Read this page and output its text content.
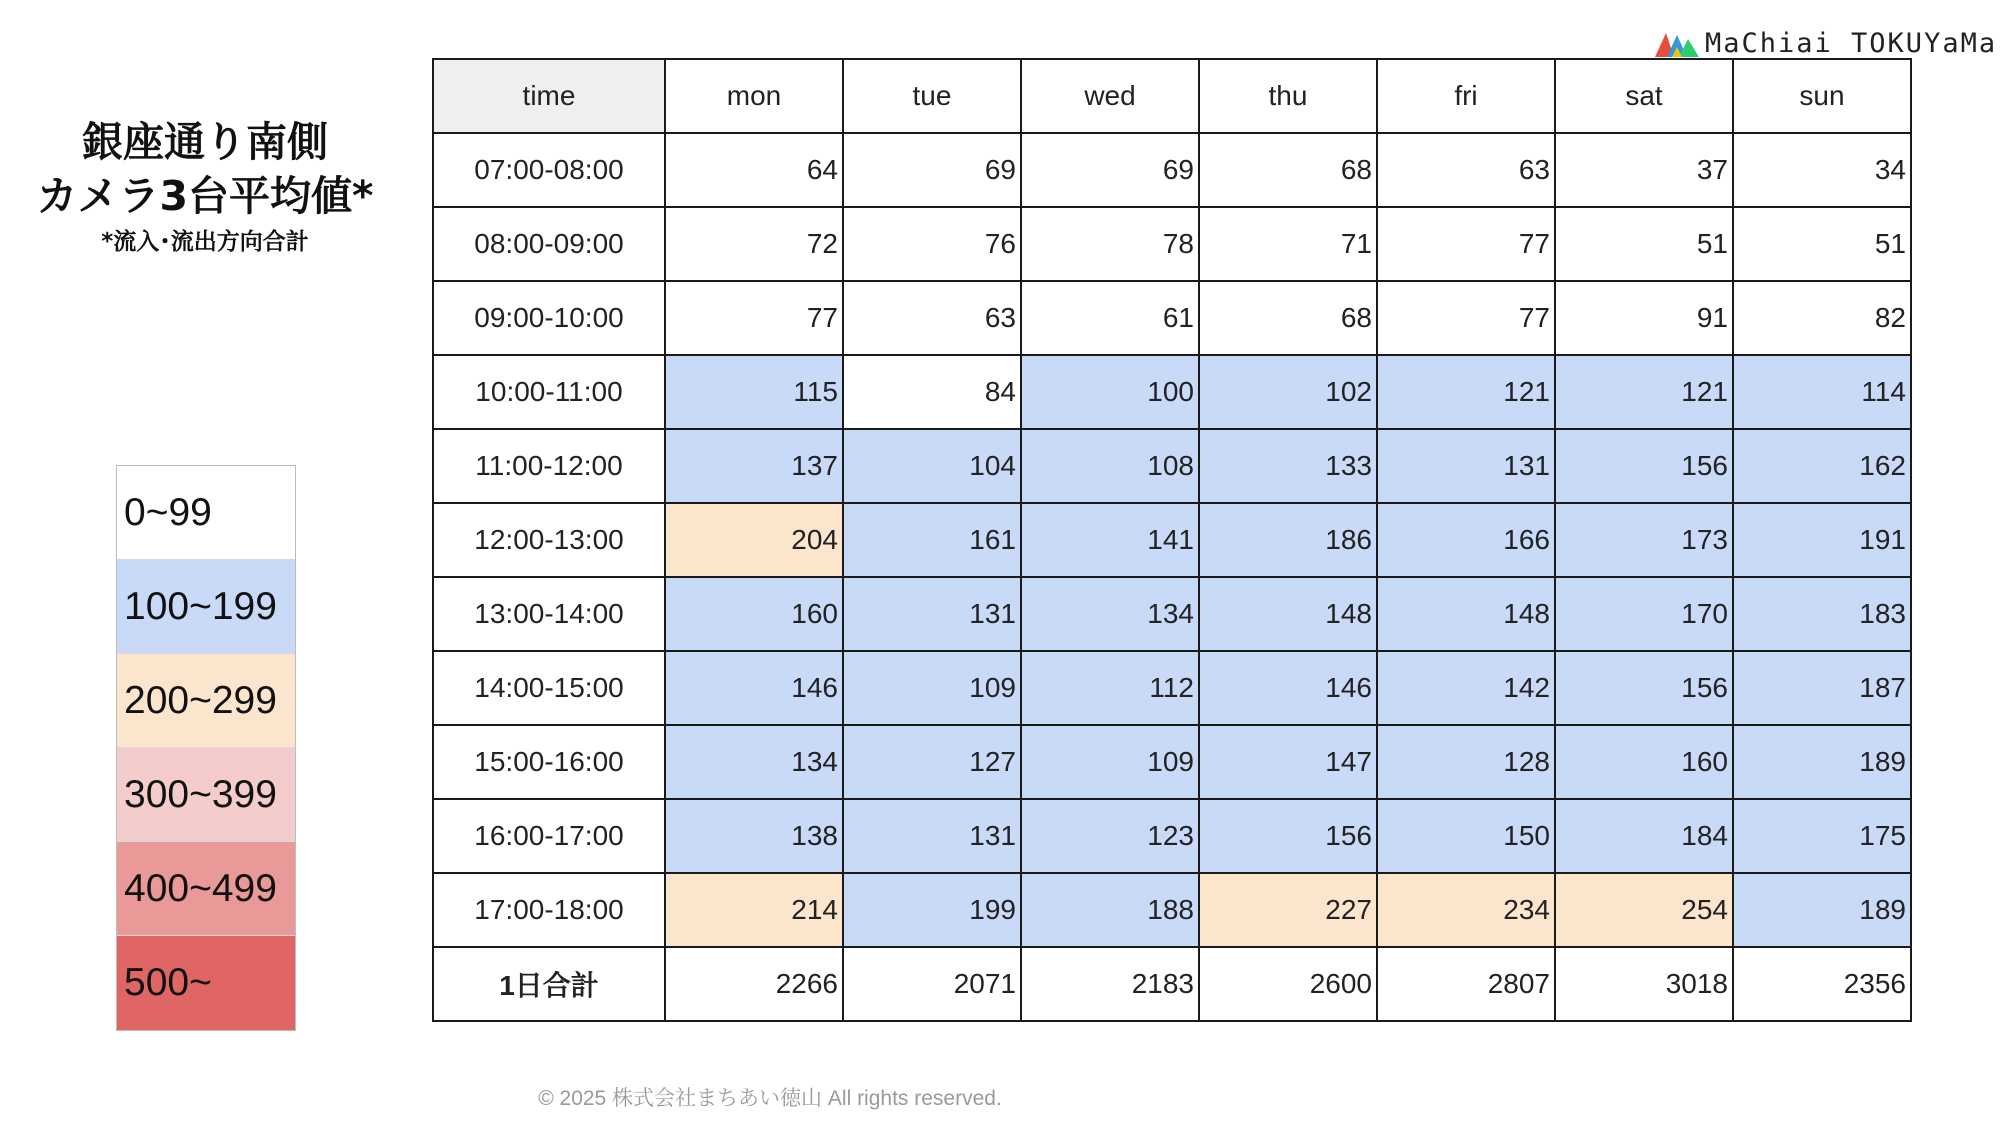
MaChiai TOKUYaMa
銀座通り南側
カメラ3台平均値*
*流入･流出方向合計
0~99
100~199
200~299
300~399
400~499
500~
time	mon	tue	wed	thu	fri	sat	sun
07:00-08:00	64	69	69	68	63	37	34
08:00-09:00	72	76	78	71	77	51	51
09:00-10:00	77	63	61	68	77	91	82
10:00-11:00	115	84	100	102	121	121	114
11:00-12:00	137	104	108	133	131	156	162
12:00-13:00	204	161	141	186	166	173	191
13:00-14:00	160	131	134	148	148	170	183
14:00-15:00	146	109	112	146	142	156	187
15:00-16:00	134	127	109	147	128	160	189
16:00-17:00	138	131	123	156	150	184	175
17:00-18:00	214	199	188	227	234	254	189
1日合計	2266	2071	2183	2600	2807	3018	2356
© 2025 株式会社まちあい徳山 All rights reserved.
